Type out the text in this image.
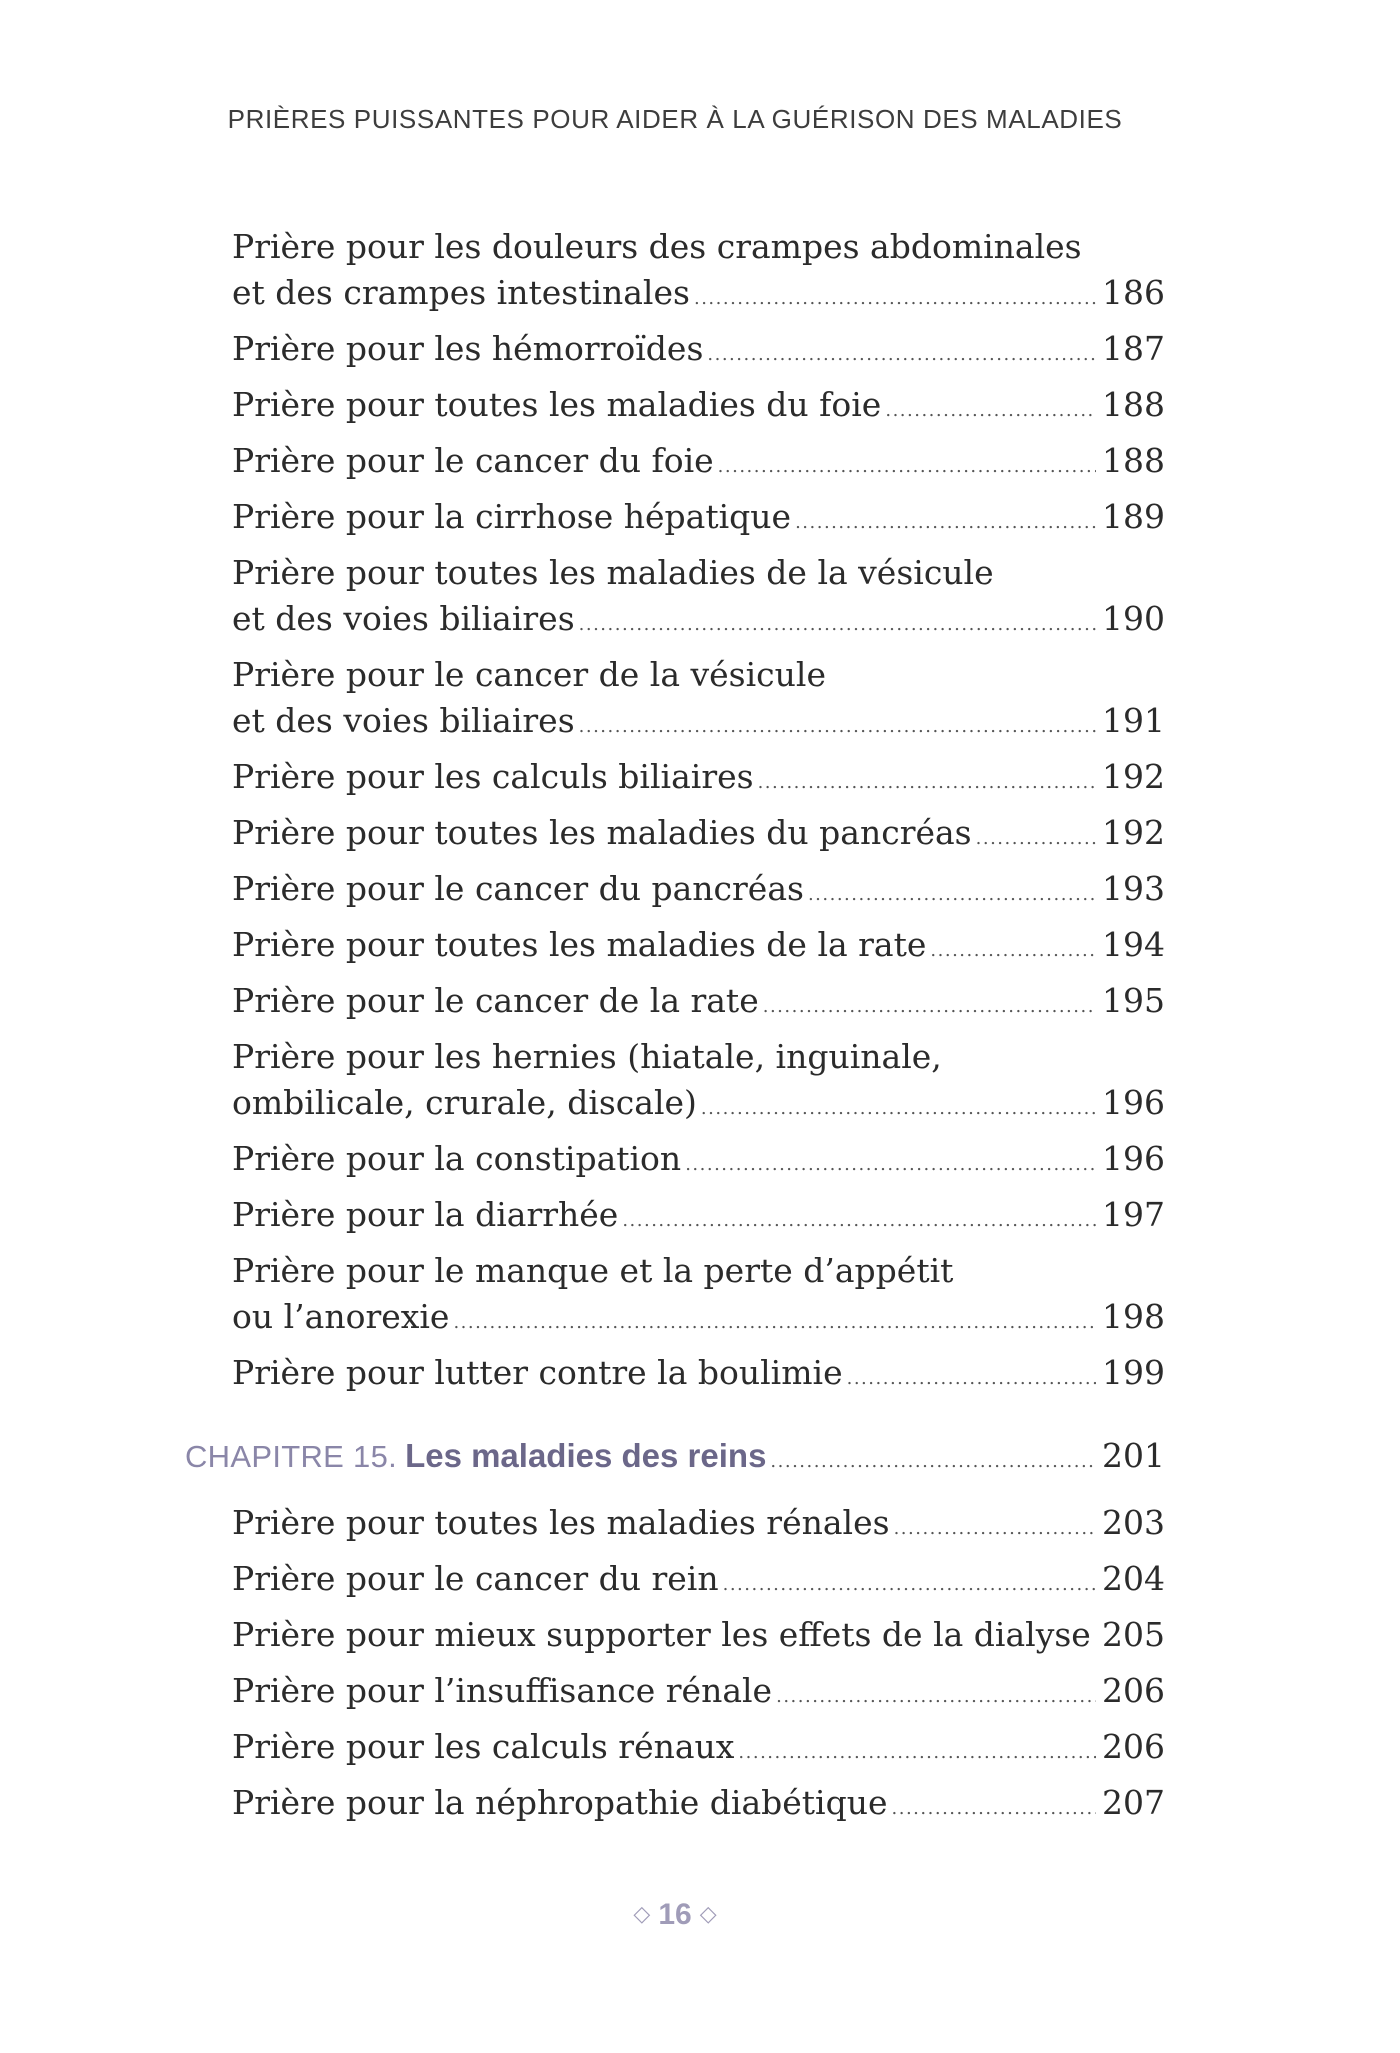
PRIÈRES PUISSANTES POUR AIDER À LA GUÉRISON DES MALADIES
Prière pour les douleurs des crampes abdominales
et des crampes intestinales .....	186
Prière pour les hémorroïdes .....	187
Prière pour toutes les maladies du foie .....	188
Prière pour le cancer du foie .....	188
Prière pour la cirrhose hépatique .....	189
Prière pour toutes les maladies de la vésicule
et des voies biliaires .....	190
Prière pour le cancer de la vésicule
et des voies biliaires .....	191
Prière pour les calculs biliaires .....	192
Prière pour toutes les maladies du pancréas .....	192
Prière pour le cancer du pancréas .....	193
Prière pour toutes les maladies de la rate .....	194
Prière pour le cancer de la rate .....	195
Prière pour les hernies (hiatale, inguinale,
ombilicale, crurale, discale) .....	196
Prière pour la constipation .....	196
Prière pour la diarrhée .....	197
Prière pour le manque et la perte d’appétit
ou l’anorexie .....	198
Prière pour lutter contre la boulimie .....	199
CHAPITRE 15. Les maladies des reins .....	201
Prière pour toutes les maladies rénales .....	203
Prière pour le cancer du rein .....	204
Prière pour mieux supporter les effets de la dialyse ..... 205
Prière pour l’insuffisance rénale .....	206
Prière pour les calculs rénaux .....	206
Prière pour la néphropathie diabétique .....	207
◇ 16 ◇
